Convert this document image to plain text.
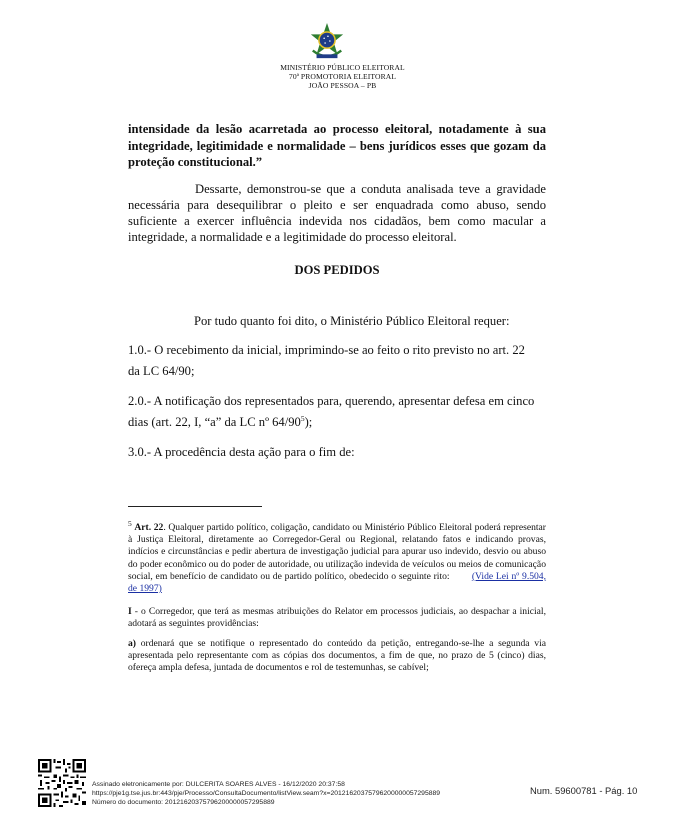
MINISTÉRIO PÚBLICO ELEITORAL
70ª PROMOTORIA ELEITORAL
JOÃO PESSOA – PB
intensidade da lesão acarretada ao processo eleitoral, notadamente à sua integridade, legitimidade e normalidade – bens jurídicos esses que gozam da proteção constitucional.”
Dessarte, demonstrou-se que a conduta analisada teve a gravidade necessária para desequilibrar o pleito e ser enquadrada como abuso, sendo suficiente a exercer influência indevida nos cidadãos, bem como macular a integridade, a normalidade e a legitimidade do processo eleitoral.
DOS PEDIDOS
Por tudo quanto foi dito, o Ministério Público Eleitoral requer:
1.0.- O recebimento da inicial, imprimindo-se ao feito o rito previsto no art. 22 da LC 64/90;
2.0.- A notificação dos representados para, querendo, apresentar defesa em cinco dias (art. 22, I, “a” da LC nº $64/90^5$);
3.0.- A procedência desta ação para o fim de:
$^5$ Art. 22. Qualquer partido político, coligação, candidato ou Ministério Público Eleitoral poderá representar à Justiça Eleitoral, diretamente ao Corregedor-Geral ou Regional, relatando fatos e indicando provas, indícios e circunstâncias e pedir abertura de investigação judicial para apurar uso indevido, desvio ou abuso do poder econômico ou do poder de autoridade, ou utilização indevida de veículos ou meios de comunicação social, em benefício de candidato ou de partido político, obedecido o seguinte rito: (Vide Lei nº 9.504, de 1997)
I - o Corregedor, que terá as mesmas atribuições do Relator em processos judiciais, ao despachar a inicial, adotará as seguintes providências:
a) ordenará que se notifique o representado do conteúdo da petição, entregando-se-lhe a segunda via apresentada pelo representante com as cópias dos documentos, a fim de que, no prazo de 5 (cinco) dias, ofereça ampla defesa, juntada de documentos e rol de testemunhas, se cabível;
Assinado eletronicamente por: DULCERITA SOARES ALVES - 16/12/2020 20:37:58
https://pje1g.tse.jus.br:443/pje/Processo/ConsultaDocumento/listView.seam?x=20121620375796200000057295889
Número do documento: 20121620375796200000057295889
Num. 59600781 - Pág. 10
